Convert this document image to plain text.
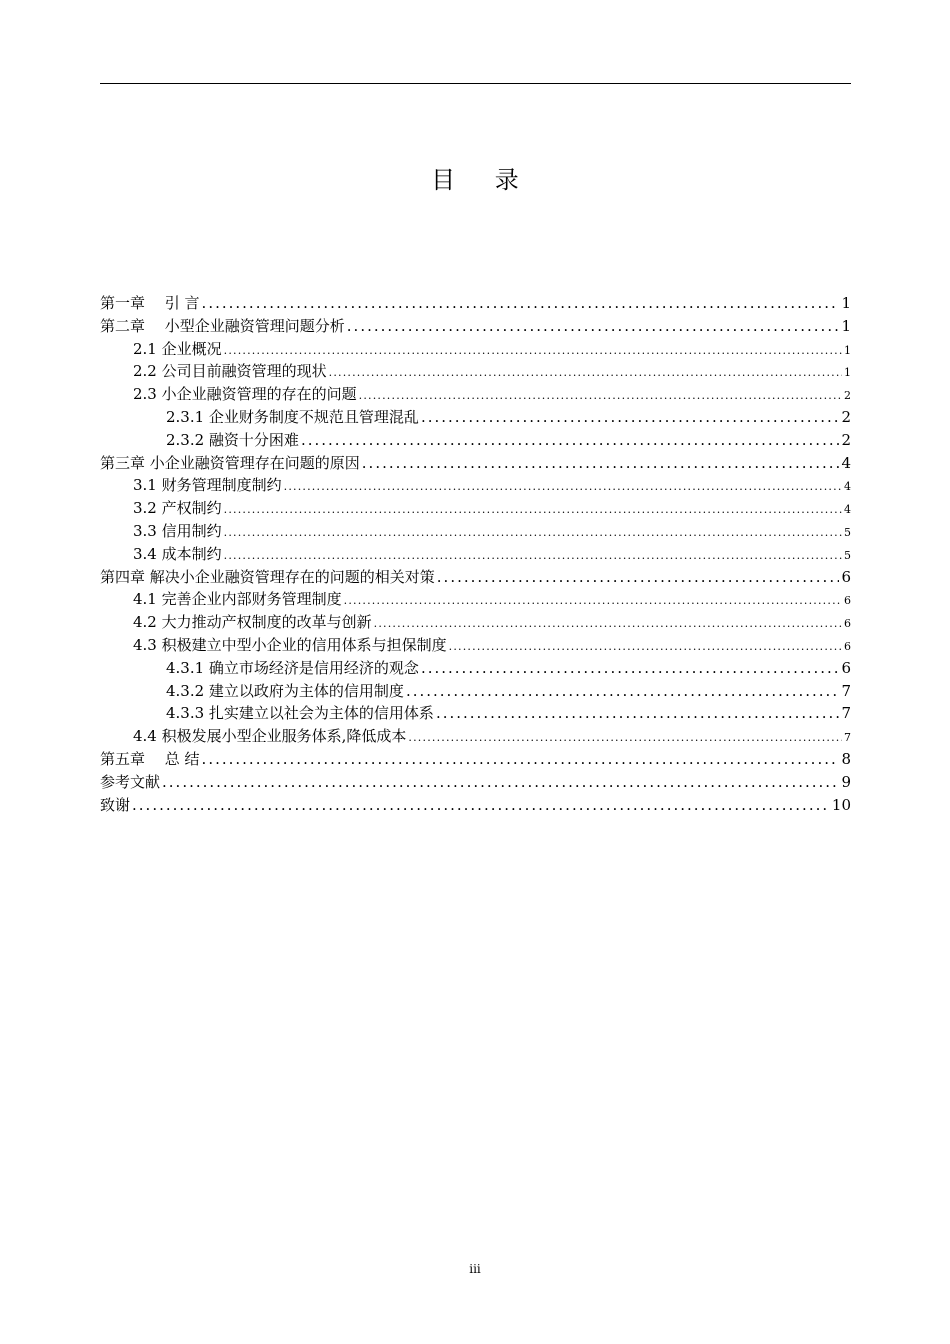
目 录
第一章　 引 言 .....	1
第二章　 小型企业融资管理问题分析 .....	1
2.1 企业概况 .....	1
2.2 公司目前融资管理的现状 .....	1
2.3 小企业融资管理的存在的问题 .....	2
2.3.1 企业财务制度不规范且管理混乱 .....	2
2.3.2 融资十分困难 .....	2
第三章 小企业融资管理存在问题的原因 .....	4
3.1 财务管理制度制约 .....	4
3.2 产权制约 .....	4
3.3 信用制约 .....	5
3.4 成本制约 .....	5
第四章 解决小企业融资管理存在的问题的相关对策 .....	6
4.1 完善企业内部财务管理制度 .....	6
4.2 大力推动产权制度的改革与创新 .....	6
4.3 积极建立中型小企业的信用体系与担保制度 .....	6
4.3.1 确立市场经济是信用经济的观念 .....	6
4.3.2 建立以政府为主体的信用制度 .....	7
4.3.3 扎实建立以社会为主体的信用体系 .....	7
4.4 积极发展小型企业服务体系,降低成本 .....	7
第五章　 总 结 .....	8
参考文献 .....	9
致谢 .....	10
iii
